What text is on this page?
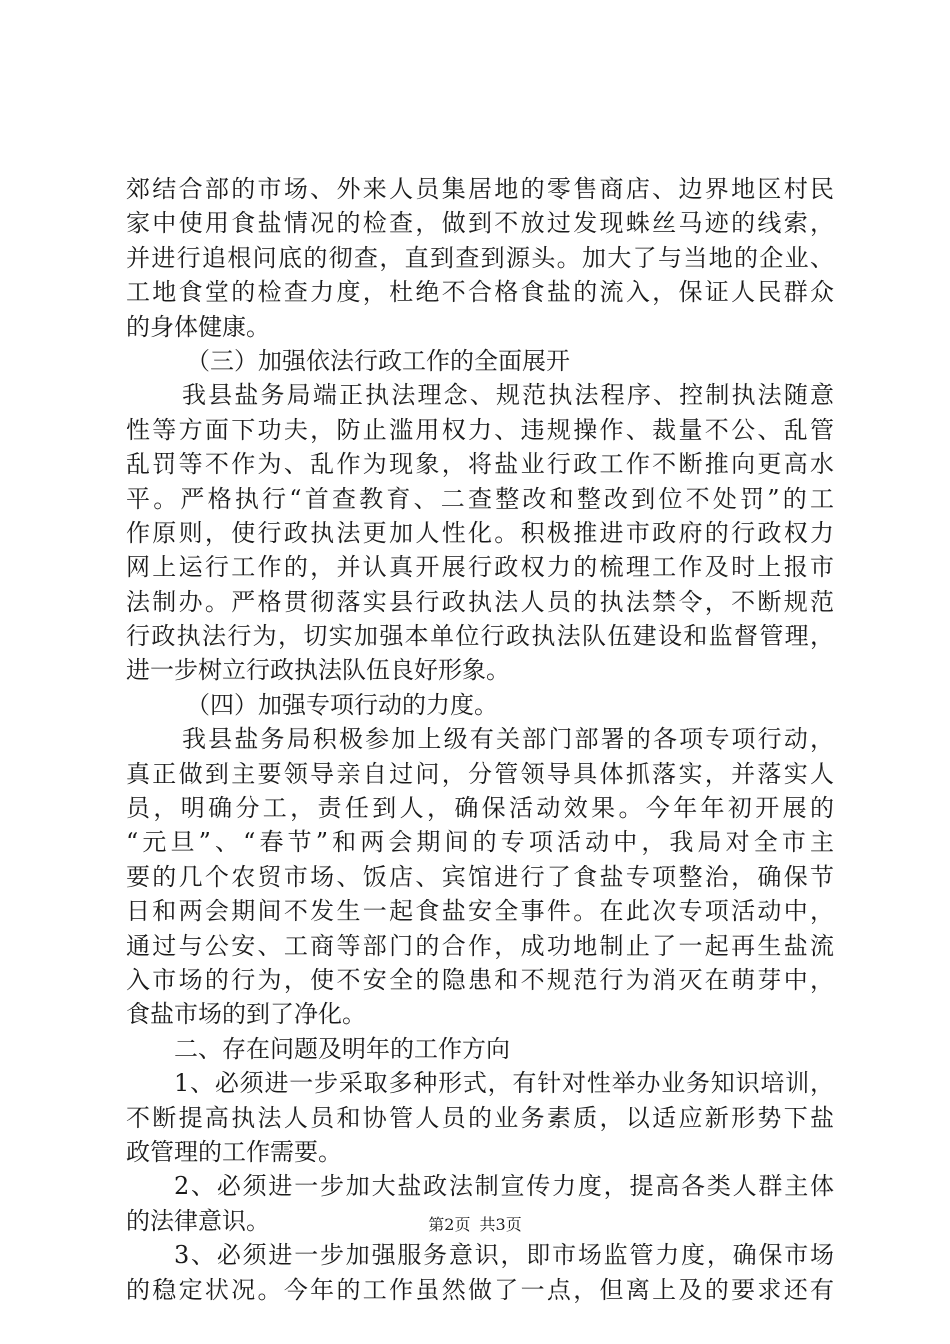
郊结合部的市场、外来人员集居地的零售商店、边界地区村民
家中使用食盐情况的检查，做到不放过发现蛛丝马迹的线索，
并进行追根问底的彻查，直到查到源头。加大了与当地的企业、
工地食堂的检查力度，杜绝不合格食盐的流入，保证人民群众
的身体健康。
（三）加强依法行政工作的全面展开
我县盐务局端正执法理念、规范执法程序、控制执法随意
性等方面下功夫，防止滥用权力、违规操作、裁量不公、乱管
乱罚等不作为、乱作为现象，将盐业行政工作不断推向更高水
平。严格执行“首查教育、二查整改和整改到位不处罚”的工
作原则，使行政执法更加人性化。积极推进市政府的行政权力
网上运行工作的，并认真开展行政权力的梳理工作及时上报市
法制办。严格贯彻落实县行政执法人员的执法禁令，不断规范
行政执法行为，切实加强本单位行政执法队伍建设和监督管理，
进一步树立行政执法队伍良好形象。
（四）加强专项行动的力度。
我县盐务局积极参加上级有关部门部署的各项专项行动，
真正做到主要领导亲自过问，分管领导具体抓落实，并落实人
员，明确分工，责任到人，确保活动效果。今年年初开展的
“元旦”、“春节”和两会期间的专项活动中，我局对全市主
要的几个农贸市场、饭店、宾馆进行了食盐专项整治，确保节
日和两会期间不发生一起食盐安全事件。在此次专项活动中，
通过与公安、工商等部门的合作，成功地制止了一起再生盐流
入市场的行为，使不安全的隐患和不规范行为消灭在萌芽中，
食盐市场的到了净化。
二、存在问题及明年的工作方向
1、必须进一步采取多种形式，有针对性举办业务知识培训，
不断提高执法人员和协管人员的业务素质，以适应新形势下盐
政管理的工作需要。
2、必须进一步加大盐政法制宣传力度，提高各类人群主体
的法律意识。
3、必须进一步加强服务意识，即市场监管力度，确保市场
的稳定状况。今年的工作虽然做了一点，但离上及的要求还有
第2页 共3页
